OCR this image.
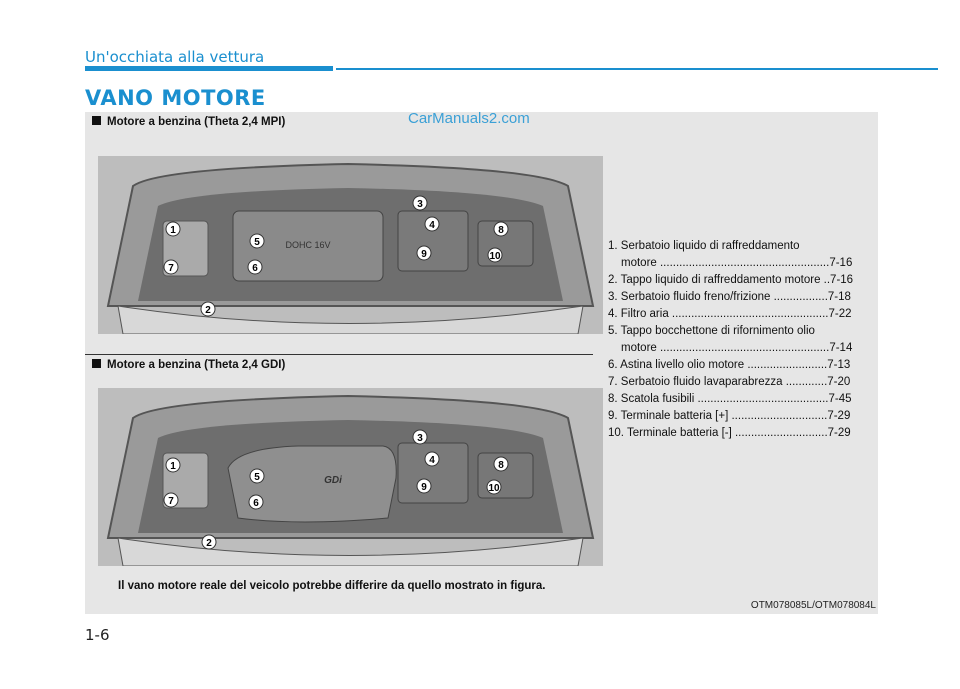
Un'occhiata alla vettura
VANO MOTORE
CarManuals2.com
Motore a benzina (Theta 2,4 MPI)
DOHC 16V
1
2
3
4
5
6
7
8
9	10
Motore a benzina (Theta 2,4 GDI)
GDi
1
2
3
4
5
6
7
8
9	10
1. Serbatoio liquido di raffreddamento
motore .....................................................7-16
2. Tappo liquido di raffreddamento motore ..7-16
3. Serbatoio fluido freno/frizione .................7-18
4. Filtro aria .................................................7-22
5. Tappo bocchettone di rifornimento olio
motore .....................................................7-14
6. Astina livello olio motore .........................7-13
7. Serbatoio fluido lavaparabrezza .............7-20
8. Scatola fusibili .........................................7-45
9. Terminale batteria [+] ..............................7-29
10. Terminale batteria [-] .............................7-29
Il vano motore reale del veicolo potrebbe differire da quello mostrato in figura.
OTM078085L/OTM078084L
1-6
